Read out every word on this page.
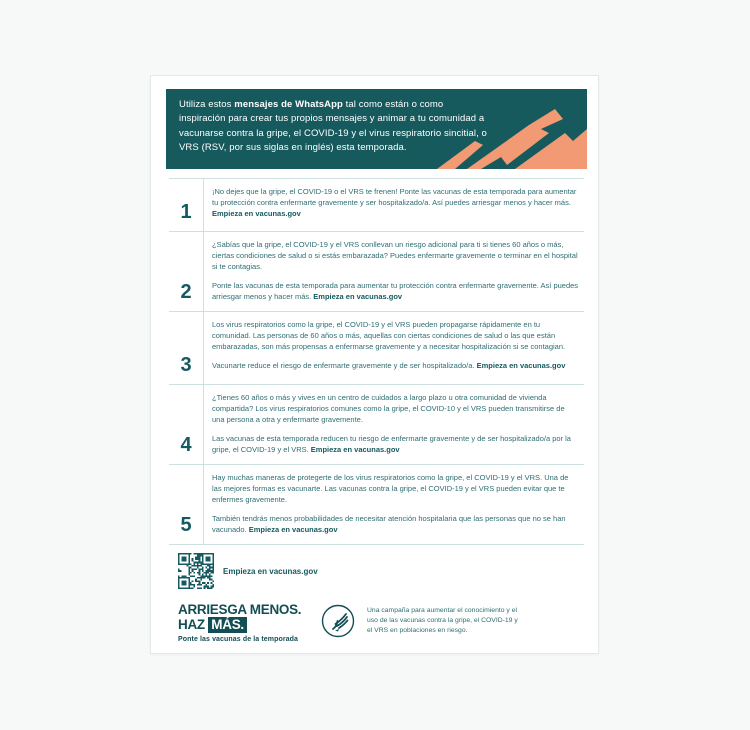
Utiliza estos mensajes de WhatsApp tal como están o como inspiración para crear tus propios mensajes y animar a tu comunidad a vacunarse contra la gripe, el COVID-19 y el virus respiratorio sincitial, o VRS (RSV, por sus siglas en inglés) esta temporada.
1

¡No dejes que la gripe, el COVID-19 o el VRS te frenen! Ponte las vacunas de esta temporada para aumentar tu protección contra enfermarte gravemente y ser hospitalizado/a. Así puedes arriesgar menos y hacer más. Empieza en vacunas.gov

2

¿Sabías que la gripe, el COVID-19 y el VRS conllevan un riesgo adicional para ti si tienes 60 años o más, ciertas condiciones de salud o si estás embarazada? Puedes enfermarte gravemente o terminar en el hospital si te contagias.

Ponte las vacunas de esta temporada para aumentar tu protección contra enfermarte gravemente. Así puedes arriesgar menos y hacer más. Empieza en vacunas.gov

3

Los virus respiratorios como la gripe, el COVID-19 y el VRS pueden propagarse rápidamente en tu comunidad. Las personas de 60 años o más, aquellas con ciertas condiciones de salud o las que están embarazadas, son más propensas a enfermarse gravemente y a necesitar hospitalización si se contagian.

Vacunarte reduce el riesgo de enfermarte gravemente y de ser hospitalizado/a. Empieza en vacunas.gov

4

¿Tienes 60 años o más y vives en un centro de cuidados a largo plazo u otra comunidad de vivienda compartida? Los virus respiratorios comunes como la gripe, el COVID-10 y el VRS pueden transmitirse de una persona a otra y enfermarte gravemente.

Las vacunas de esta temporada reducen tu riesgo de enfermarte gravemente y de ser hospitalizado/a por la gripe, el COVID-19 y el VRS. Empieza en vacunas.gov

5

Hay muchas maneras de protegerte de los virus respiratorios como la gripe, el COVID-19 y el VRS. Una de las mejores formas es vacunarte. Las vacunas contra la gripe, el COVID-19 y el VRS pueden evitar que te enfermes gravemente.

También tendrás menos probabilidades de necesitar atención hospitalaria que las personas que no se han vacunado. Empieza en vacunas.gov

Empieza en vacunas.gov
ARRIESGA MENOS.
HAZ MÁS.
Ponte las vacunas de la temporada
Una campaña para aumentar el conocimiento y el uso de las vacunas contra la gripe, el COVID-19 y el VRS en poblaciones en riesgo.
